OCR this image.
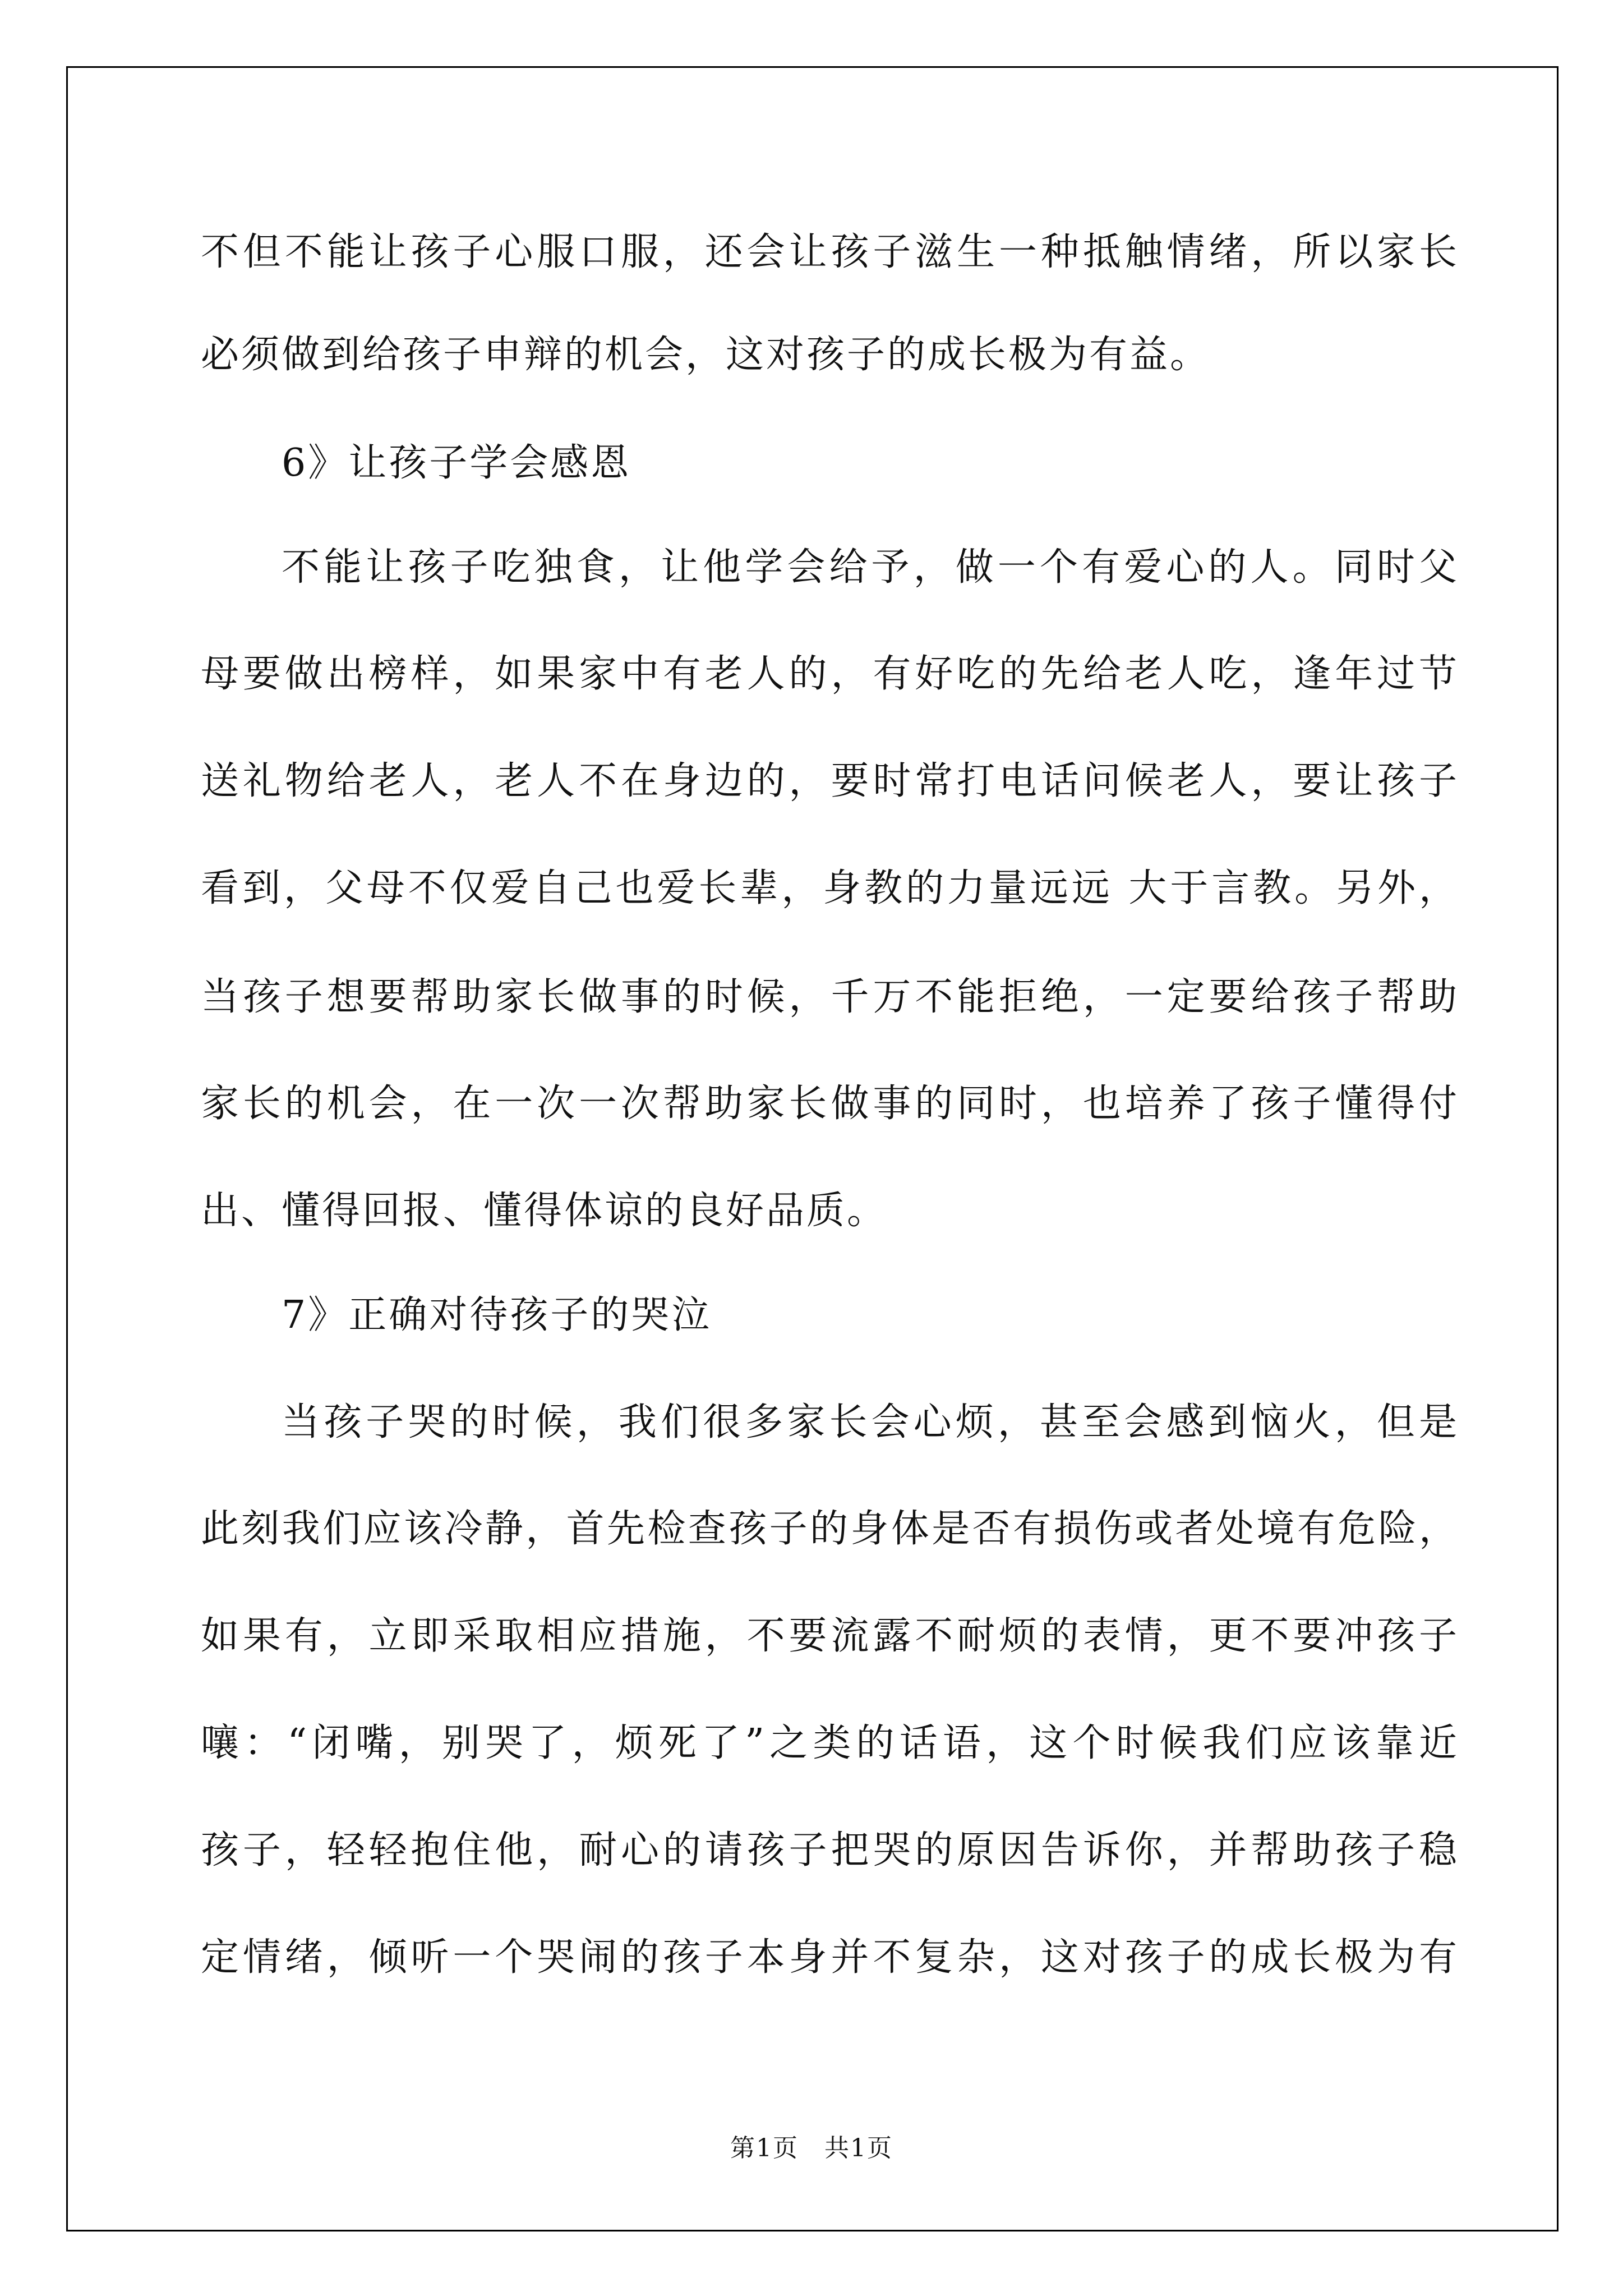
不但不能让孩子心服口服，还会让孩子滋生一种抵触情绪，所以家长
必须做到给孩子申辩的机会，这对孩子的成长极为有益。
6》让孩子学会感恩
不能让孩子吃独食，让他学会给予，做一个有爱心的人。同时父
母要做出榜样，如果家中有老人的，有好吃的先给老人吃，逢年过节
送礼物给老人，老人不在身边的，要时常打电话问候老人，要让孩子
看到，父母不仅爱自己也爱长辈，身教的力量远远 大于言教。另外，
当孩子想要帮助家长做事的时候，千万不能拒绝，一定要给孩子帮助
家长的机会，在一次一次帮助家长做事的同时，也培养了孩子懂得付
出、懂得回报、懂得体谅的良好品质。
7》正确对待孩子的哭泣
当孩子哭的时候，我们很多家长会心烦，甚至会感到恼火，但是
此刻我们应该冷静，首先检查孩子的身体是否有损伤或者处境有危险，
如果有，立即采取相应措施，不要流露不耐烦的表情，更不要冲孩子
嚷：“闭嘴，别哭了，烦死了”之类的话语，这个时候我们应该靠近
孩子，轻轻抱住他，耐心的请孩子把哭的原因告诉你，并帮助孩子稳
定情绪，倾听一个哭闹的孩子本身并不复杂，这对孩子的成长极为有
第1页　共1页
